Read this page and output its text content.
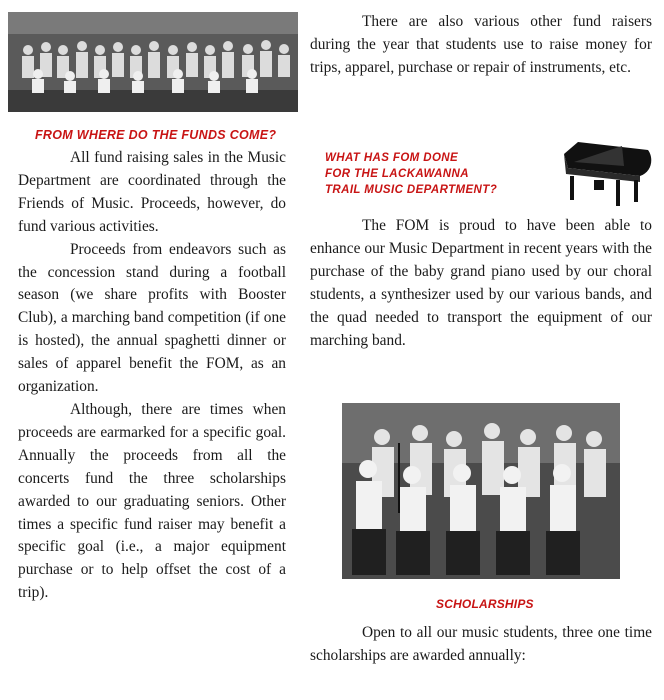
There are also various other fund raisers during the year that students use to raise money for trips, apparel, purchase or repair of instruments, etc.

FROM WHERE DO THE FUNDS COME?

All fund raising sales in the Music Department are coordinated through the Friends of Music. Proceeds, however, do fund various activities.

Proceeds from endeavors such as the concession stand during a football season (we share profits with Booster Club), a marching band competition (if one is hosted), the annual spaghetti dinner or sales of apparel benefit the FOM, as an organization.

Although, there are times when proceeds are earmarked for a specific goal. Annually the proceeds from all the concerts fund the three scholarships awarded to our graduating seniors. Other times a specific fund raiser may benefit a specific goal (i.e., a major equipment purchase or to help offset the cost of a trip).

WHAT HAS FOM DONE
FOR THE LACKAWANNA
TRAIL MUSIC DEPARTMENT?

The FOM is proud to have been able to enhance our Music Department in recent years with the purchase of the baby grand piano used by our choral students, a synthesizer used by our various bands, and the quad needed to transport the equipment of our marching band.

SCHOLARSHIPS

Open to all our music students, three one time scholarships are awarded annually:
